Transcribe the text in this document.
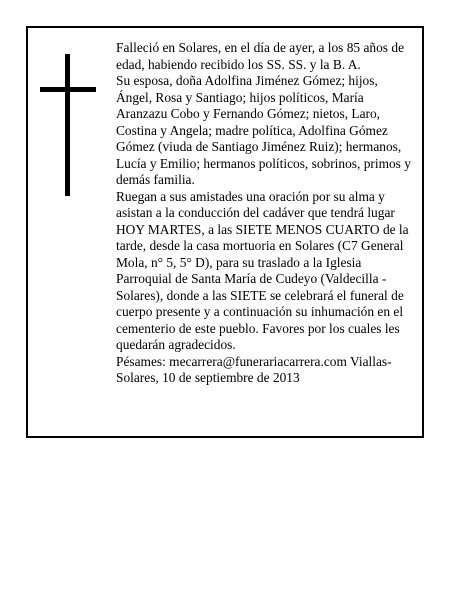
Falleció en Solares, en el día de ayer, a los 85 años de edad, habiendo recibido los SS. SS. y la B. A.

Su esposa, doña Adolfina Jiménez Gómez; hijos, Ángel, Rosa y Santiago; hijos políticos, María Aranzazu Cobo y Fernando Gómez; nietos, Laro, Costina y Angela; madre política, Adolfina Gómez Gómez (viuda de Santiago Jiménez Ruiz); hermanos, Lucía y Emilio; hermanos políticos, sobrinos, primos y demás familia.

Ruegan a sus amistades una oración por su alma y asistan a la conducción del cadáver que tendrá lugar HOY MARTES, a las SIETE MENOS CUARTO de la tarde, desde la casa mortuoria en Solares (C7 General Mola, n° 5, 5° D), para su traslado a la Iglesia Parroquial de Santa María de Cudeyo (Valdecilla - Solares), donde a las SIETE se celebrará el funeral de cuerpo presente y a continuación su inhumación en el cementerio de este pueblo. Favores por los cuales les quedarán agradecidos.

Pésames: mecarrera@funerariacarrera.com Viallas-Solares, 10 de septiembre de 2013
